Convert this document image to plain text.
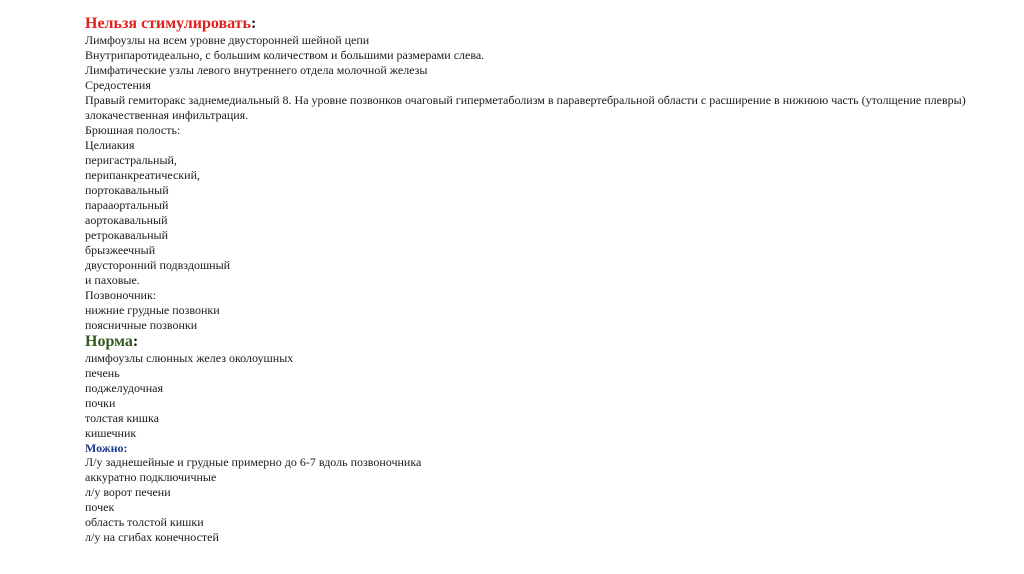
Нельзя стимулировать:

Лимфоузлы на всем уровне двусторонней шейной цепи

Внутрипаротидеально, с большим количеством и большими размерами слева.

Лимфатические узлы левого внутреннего отдела молочной железы

Средостения

Правый гемиторакс заднемедиальный 8. На уровне позвонков очаговый гиперметаболизм в паравертебральной области с расширение в нижнюю часть (утолщение плевры) злокачественная инфильтрация.

Брюшная полость:

Целиакия

перигастральный,

перипанкреатический,

портокавальный

парааортальный

аортокавальный

ретрокавальный

брызжеечный

двусторонний подвздошный

и паховые.

Позвоночник:

нижние грудные позвонки

поясничные позвонки

Норма:

лимфоузлы слюнных желез околоушных

печень

поджелудочная

почки

толстая кишка

кишечник

Можно:

Л/у заднешейные и грудные примерно до 6-7 вдоль позвоночника

аккуратно подключичные

л/у ворот печени

почек

область толстой кишки

л/у на сгибах конечностей
